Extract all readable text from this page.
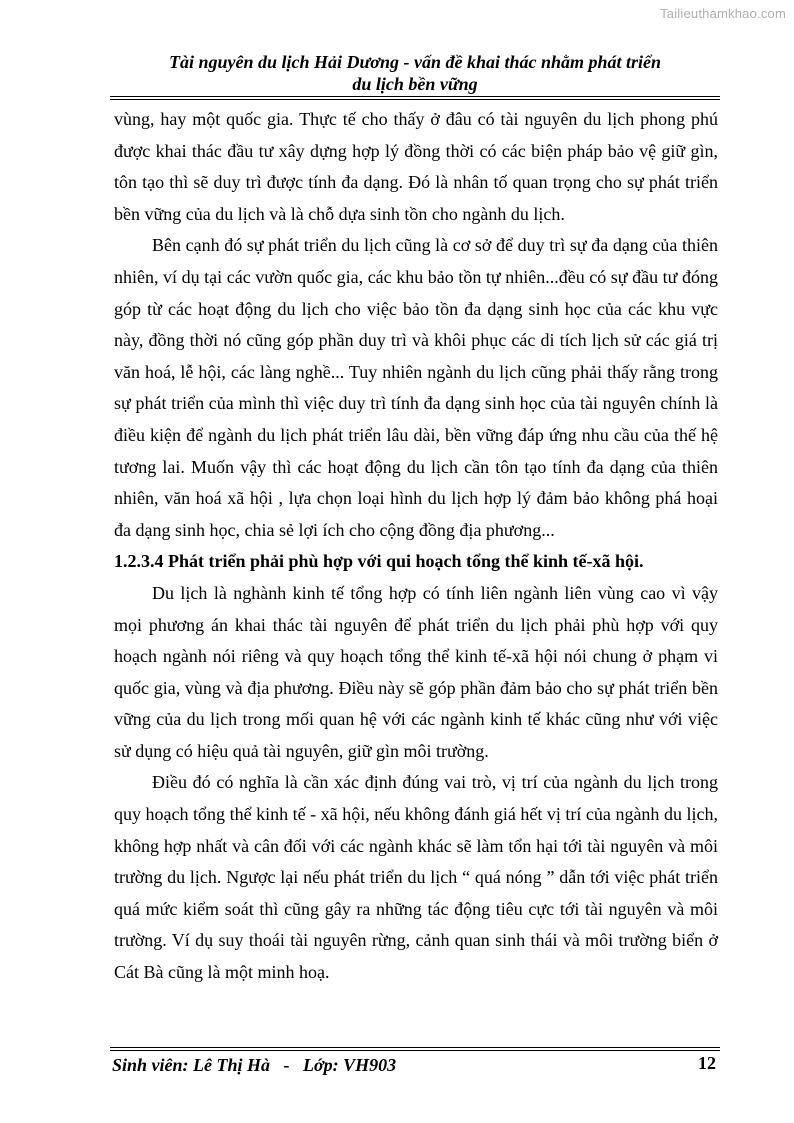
Tailieuthamkhao.com
Tài nguyên du lịch Hải Dương - vấn đề khai thác nhằm phát triển
du lịch bền vững

vùng, hay một quốc gia. Thực tế cho thấy ở đâu có tài nguyên du lịch phong phú được khai thác đầu tư xây dựng hợp lý đồng thời có các biện pháp bảo vệ giữ gìn, tôn tạo thì sẽ duy trì được tính đa dạng. Đó là nhân tố quan trọng cho sự phát triển bền vững của du lịch và là chỗ dựa sinh tồn cho ngành du lịch.

Bên cạnh đó sự phát triển du lịch cũng là cơ sở để duy trì sự đa dạng của thiên nhiên, ví dụ tại các vườn quốc gia, các khu bảo tồn tự nhiên...đều có sự đầu tư đóng góp từ các hoạt động du lịch cho việc bảo tồn đa dạng sinh học của các khu vực này, đồng thời nó cũng góp phần duy trì và khôi phục các di tích lịch sử các giá trị văn hoá, lễ hội, các làng nghề... Tuy nhiên ngành du lịch cũng phải thấy rằng trong sự phát triển của mình thì việc duy trì tính đa dạng sinh học của tài nguyên chính là điều kiện để ngành du lịch phát triển lâu dài, bền vững đáp ứng nhu cầu của thế hệ tương lai. Muốn vậy thì các hoạt động du lịch cần tôn tạo tính đa dạng của thiên nhiên, văn hoá xã hội , lựa chọn loại hình du lịch hợp lý đảm bảo không phá hoại đa dạng sinh học, chia sẻ lợi ích cho cộng đồng địa phương...

1.2.3.4 Phát triển phải phù hợp với qui hoạch tổng thể kinh tế-xã hội.

Du lịch là nghành kinh tế tổng hợp có tính liên ngành liên vùng cao vì vậy mọi phương án khai thác tài nguyên để phát triển du lịch phải phù hợp với quy hoạch ngành nói riêng và quy hoạch tổng thể kinh tế-xã hội nói chung ở phạm vi quốc gia, vùng và địa phương. Điều này sẽ góp phần đảm bảo cho sự phát triển bền vững của du lịch trong mối quan hệ với các ngành kinh tế khác cũng như với việc sử dụng có hiệu quả tài nguyên, giữ gìn môi trường.

Điều đó có nghĩa là cần xác định đúng vai trò, vị trí của ngành du lịch trong quy hoạch tổng thể kinh tế - xã hội, nếu không đánh giá hết vị trí của ngành du lịch, không hợp nhất và cân đối với các ngành khác sẽ làm tổn hại tới tài nguyên và môi trường du lịch. Ngược lại nếu phát triển du lịch “ quá nóng ” dẫn tới việc phát triển quá mức kiểm soát thì cũng gây ra những tác động tiêu cực tới tài nguyên và môi trường. Ví dụ suy thoái tài nguyên rừng, cảnh quan sinh thái và môi trường biển ở Cát Bà cũng là một minh hoạ.

Sinh viên: Lê Thị Hà   -   Lớp: VH903	12
